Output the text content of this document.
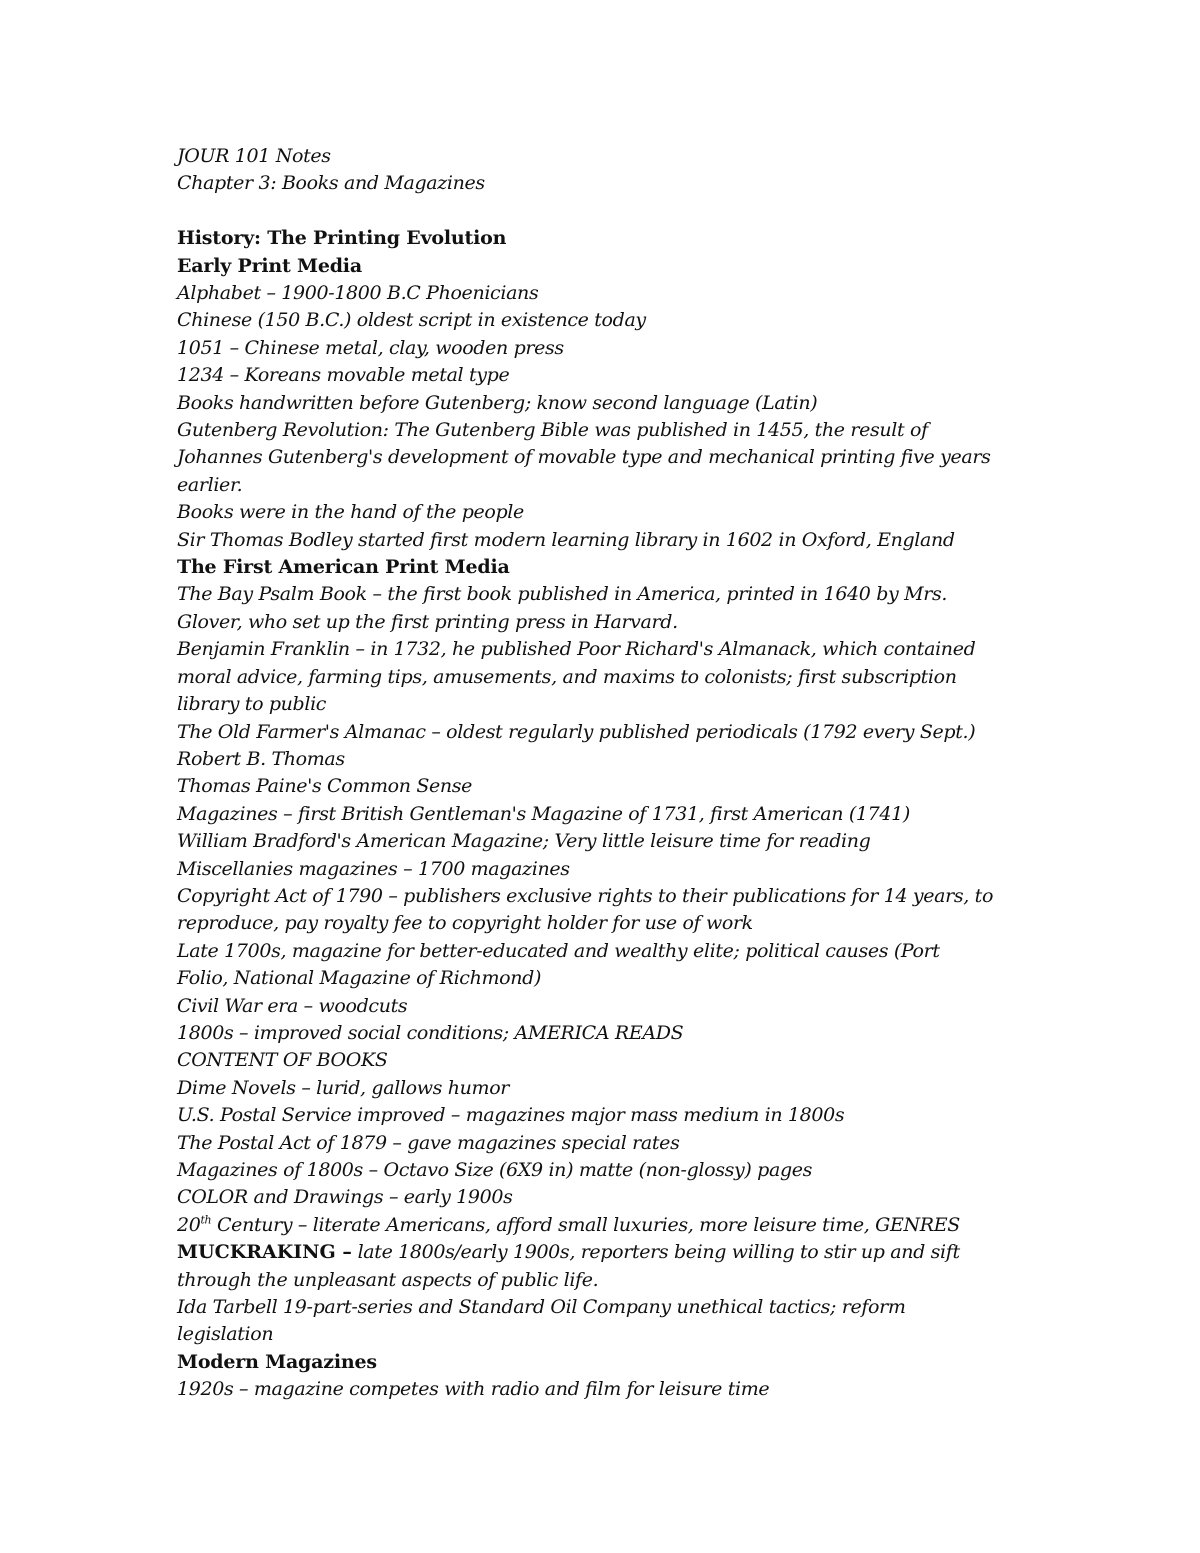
JOUR 101 Notes
Chapter 3: Books and Magazines
History: The Printing Evolution
Early Print Media
Alphabet – 1900-1800 B.C Phoenicians
Chinese (150 B.C.) oldest script in existence today
1051 – Chinese metal, clay, wooden press
1234 – Koreans movable metal type
Books handwritten before Gutenberg; know second language (Latin)
Gutenberg Revolution: The Gutenberg Bible was published in 1455, the result of
Johannes Gutenberg's development of movable type and mechanical printing five years
earlier.
Books were in the hand of the people
Sir Thomas Bodley started first modern learning library in 1602 in Oxford, England
The First American Print Media
The Bay Psalm Book – the first book published in America, printed in 1640 by Mrs.
Glover, who set up the first printing press in Harvard.
Benjamin Franklin – in 1732, he published Poor Richard's Almanack, which contained
moral advice, farming tips, amusements, and maxims to colonists; first subscription
library to public
The Old Farmer's Almanac – oldest regularly published periodicals (1792 every Sept.)
Robert B. Thomas
Thomas Paine's Common Sense
Magazines – first British Gentleman's Magazine of 1731, first American (1741)
William Bradford's American Magazine; Very little leisure time for reading
Miscellanies magazines – 1700 magazines
Copyright Act of 1790 – publishers exclusive rights to their publications for 14 years, to
reproduce, pay royalty fee to copyright holder for use of work
Late 1700s, magazine for better-educated and wealthy elite; political causes (Port
Folio, National Magazine of Richmond)
Civil War era – woodcuts
1800s – improved social conditions; AMERICA READS
CONTENT OF BOOKS
Dime Novels – lurid, gallows humor
U.S. Postal Service improved – magazines major mass medium in 1800s
The Postal Act of 1879 – gave magazines special rates
Magazines of 1800s – Octavo Size (6X9 in) matte (non-glossy) pages
COLOR and Drawings – early 1900s
20th Century – literate Americans, afford small luxuries, more leisure time, GENRES
MUCKRAKING – late 1800s/early 1900s, reporters being willing to stir up and sift
through the unpleasant aspects of public life.
Ida Tarbell 19-part-series and Standard Oil Company unethical tactics; reform
legislation
Modern Magazines
1920s – magazine competes with radio and film for leisure time
